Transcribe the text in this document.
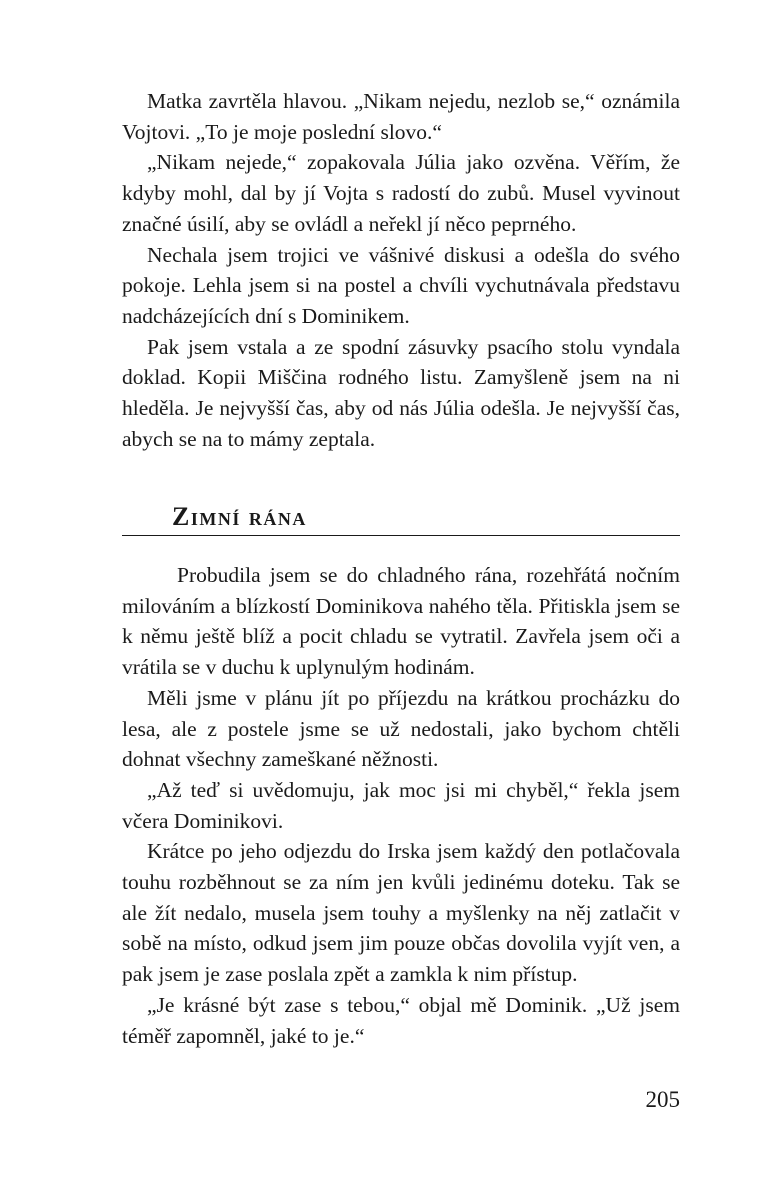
Matka zavrtěla hlavou. „Nikam nejedu, nezlob se,“ oznámila Vojtovi. „To je moje poslední slovo.“

„Nikam nejede,“ zopakovala Júlia jako ozvěna. Věřím, že kdyby mohl, dal by jí Vojta s radostí do zubů. Musel vyvinout značné úsilí, aby se ovládl a neřekl jí něco peprného.

Nechala jsem trojici ve vášnivé diskusi a odešla do svého pokoje. Lehla jsem si na postel a chvíli vychutnávala představu nadcházejících dní s Dominikem.

Pak jsem vstala a ze spodní zásuvky psacího stolu vyndala doklad. Kopii Miščina rodného listu. Zamyšleně jsem na ni hleděla. Je nejvyšší čas, aby od nás Júlia odešla. Je nejvyšší čas, abych se na to mámy zeptala.

Zimní rána

Probudila jsem se do chladného rána, rozehřátá nočním milováním a blízkostí Dominikova nahého těla. Přitiskla jsem se k němu ještě blíž a pocit chladu se vytratil. Zavřela jsem oči a vrátila se v duchu k uplynulým hodinám.

Měli jsme v plánu jít po příjezdu na krátkou procházku do lesa, ale z postele jsme se už nedostali, jako bychom chtěli dohnat všechny zameškané něžnosti.

„Až teď si uvědomuju, jak moc jsi mi chyběl,“ řekla jsem včera Dominikovi.

Krátce po jeho odjezdu do Irska jsem každý den potlačovala touhu rozběhnout se za ním jen kvůli jedinému doteku. Tak se ale žít nedalo, musela jsem touhy a myšlenky na něj zatlačit v sobě na místo, odkud jsem jim pouze občas dovolila vyjít ven, a pak jsem je zase poslala zpět a zamkla k nim přístup.

„Je krásné být zase s tebou,“ objal mě Dominik. „Už jsem téměř zapomněl, jaké to je.“

205
